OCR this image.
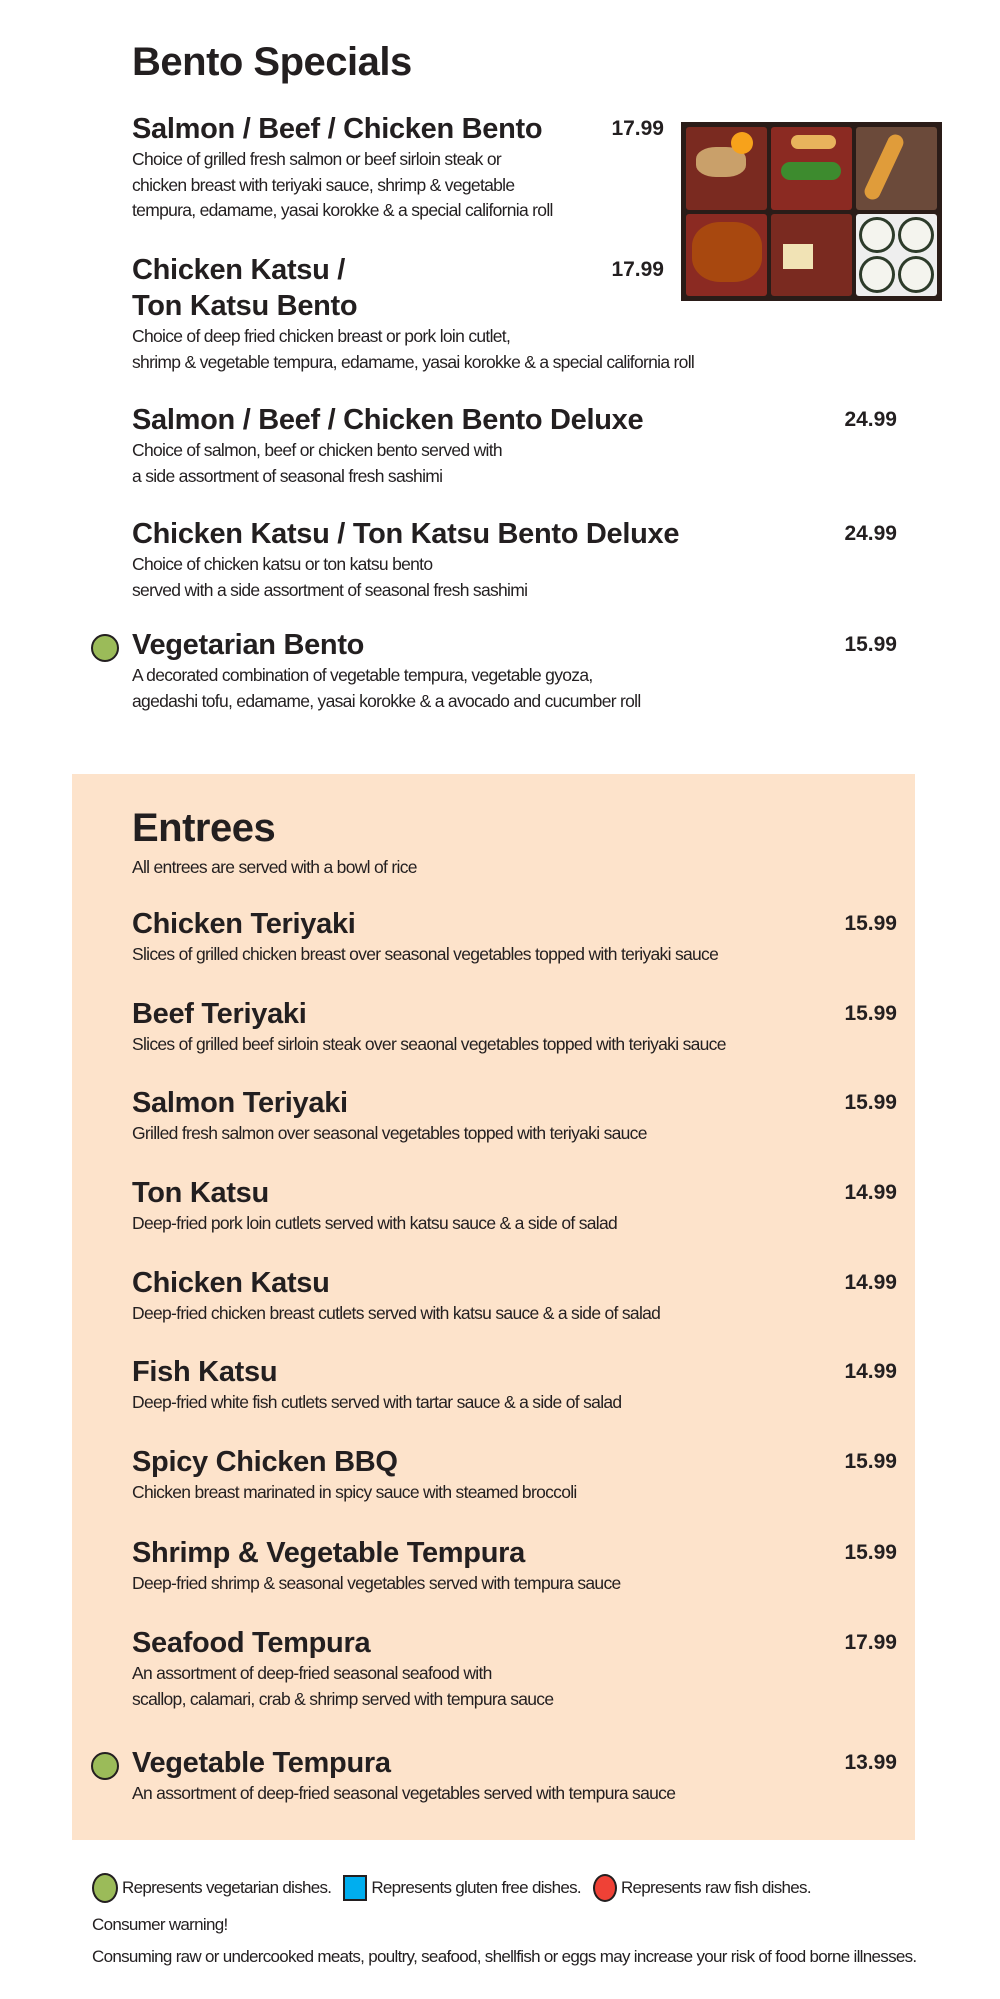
Bento Specials
Salmon / Beef / Chicken Bento	17.99
Choice of grilled fresh salmon or beef sirloin steak or
chicken breast with teriyaki sauce, shrimp & vegetable
tempura, edamame, yasai korokke & a special california roll
Chicken Katsu /
Ton Katsu Bento
17.99
Choice of deep fried chicken breast or pork loin cutlet,
shrimp & vegetable tempura, edamame, yasai korokke & a special california roll
Salmon / Beef / Chicken Bento Deluxe	24.99
Choice of salmon, beef or chicken bento served with
a side assortment of seasonal fresh sashimi
Chicken Katsu / Ton Katsu Bento Deluxe	24.99
Choice of chicken katsu or ton katsu bento
served with a side assortment of seasonal fresh sashimi
Vegetarian Bento	15.99
A decorated combination of vegetable tempura, vegetable gyoza,
agedashi tofu, edamame, yasai korokke & a avocado and cucumber roll
Entrees
All entrees are served with a bowl of rice
Chicken Teriyaki	15.99
Slices of grilled chicken breast over seasonal vegetables topped with teriyaki sauce
Beef Teriyaki	15.99
Slices of grilled beef sirloin steak over seaonal vegetables topped with teriyaki sauce
Salmon Teriyaki	15.99
Grilled fresh salmon over seasonal vegetables topped with teriyaki sauce
Ton Katsu	14.99
Deep-fried pork loin cutlets served with katsu sauce & a side of salad
Chicken Katsu	14.99
Deep-fried chicken breast cutlets served with katsu sauce & a side of salad
Fish Katsu	14.99
Deep-fried white fish cutlets served with tartar sauce & a side of salad
Spicy Chicken BBQ	15.99
Chicken breast marinated in spicy sauce with steamed broccoli
Shrimp & Vegetable Tempura	15.99
Deep-fried shrimp & seasonal vegetables served with tempura sauce
Seafood Tempura	17.99
An assortment of deep-fried seasonal seafood with
scallop, calamari, crab & shrimp served with tempura sauce
Vegetable Tempura	13.99
An assortment of deep-fried seasonal vegetables served with tempura sauce
Represents vegetarian dishes. Represents gluten free dishes. Represents raw fish dishes.
Consumer warning!
Consuming raw or undercooked meats, poultry, seafood, shellfish or eggs may increase your risk of food borne illnesses.
